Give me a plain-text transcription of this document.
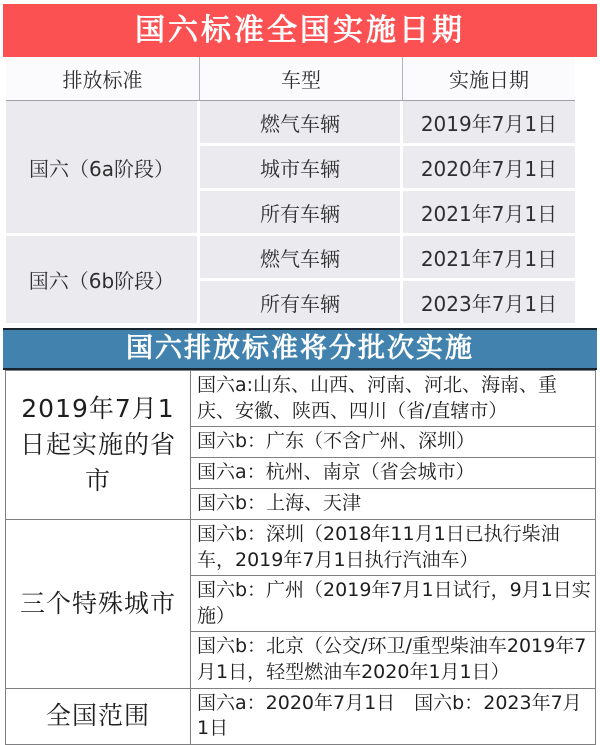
国六标准全国实施日期
排放标准	车型	实施日期
国六（6a阶段）	燃气车辆	2019年7月1日
	城市车辆	2020年7月1日
	所有车辆	2021年7月1日
国六（6b阶段）	燃气车辆	2021年7月1日
	所有车辆	2023年7月1日
国六排放标准将分批次实施
2019年7月1日起实施的省市	国六a:山东、山西、河南、河北、海南、重庆、安徽、陕西、四川（省/直辖市）
	国六b：广东（不含广州、深圳）
	国六a：杭州、南京（省会城市）
	国六b：上海、天津
三个特殊城市	国六b：深圳（2018年11月1日已执行柴油车，2019年7月1日执行汽油车）
	国六b：广州（2019年7月1日试行，9月1日实施）
	国六b：北京（公交/环卫/重型柴油车2019年7月1日，轻型燃油车2020年1月1日）
全国范围	国六a：2020年7月1日　国六b：2023年7月1日
